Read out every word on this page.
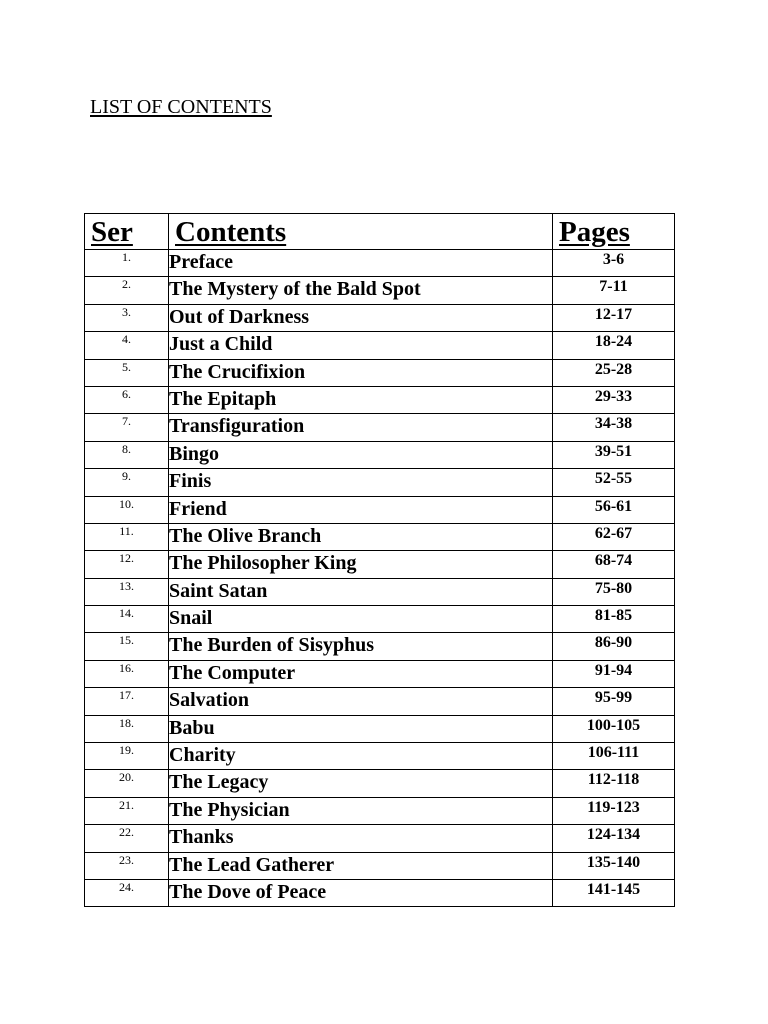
LIST OF CONTENTS
Ser	Contents	Pages
1.	Preface	3-6
2.	The Mystery of the Bald Spot	7-11
3.	Out of Darkness	12-17
4.	Just a Child	18-24
5.	The Crucifixion	25-28
6.	The Epitaph	29-33
7.	Transfiguration	34-38
8.	Bingo	39-51
9.	Finis	52-55
10.	Friend	56-61
11.	The Olive Branch	62-67
12.	The Philosopher King	68-74
13.	Saint Satan	75-80
14.	Snail	81-85
15.	The Burden of Sisyphus	86-90
16.	The Computer	91-94
17.	Salvation	95-99
18.	Babu	100-105
19.	Charity	106-111
20.	The Legacy	112-118
21.	The Physician	119-123
22.	Thanks	124-134
23.	The Lead Gatherer	135-140
24.	The Dove of Peace	141-145
